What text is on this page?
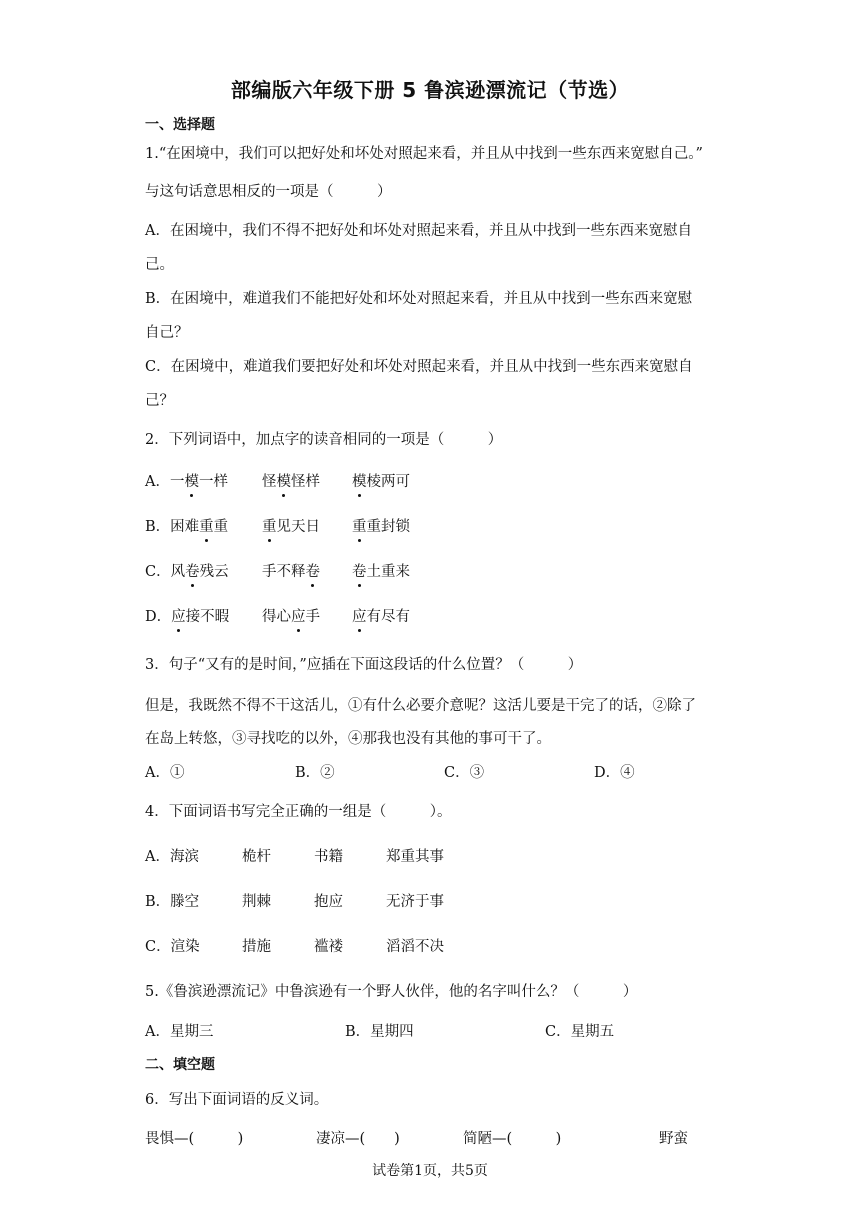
部编版六年级下册 5 鲁滨逊漂流记（节选）
一、选择题
1.“在困境中，我们可以把好处和坏处对照起来看，并且从中找到一些东西来宽慰自己。”
与这句话意思相反的一项是（　　　）
A．在困境中，我们不得不把好处和坏处对照起来看，并且从中找到一些东西来宽慰自
己。
B．在困境中，难道我们不能把好处和坏处对照起来看，并且从中找到一些东西来宽慰
自己？
C．在困境中，难道我们要把好处和坏处对照起来看，并且从中找到一些东西来宽慰自
己？
2．下列词语中，加点字的读音相同的一项是（　　　）
A．一模一样 怪模怪样 模棱两可
B．困难重重 重见天日 重重封锁
C．风卷残云 手不释卷 卷土重来
D．应接不暇 得心应手 应有尽有
3．句子“又有的是时间，”应插在下面这段话的什么位置？（　　　）
但是，我既然不得不干这活儿，①有什么必要介意呢？这活儿要是干完了的话，②除了
在岛上转悠，③寻找吃的以外，④那我也没有其他的事可干了。
A．①	B．②	C．③	D．④
4．下面词语书写完全正确的一组是（　　　）。
A．海滨	桅杆	书籍	郑重其事
B．滕空	荆棘	抱应	无济于事
C．渲染	措施	褴褛	滔滔不决
5.《鲁滨逊漂流记》中鲁滨逊有一个野人伙伴，他的名字叫什么？（　　　）
A．星期三	B．星期四	C．星期五
二、填空题
6．写出下面词语的反义词。
畏惧—(　　　)	凄凉—(　　)	简陋—(　　　)	野蛮
试卷第1页，共5页
